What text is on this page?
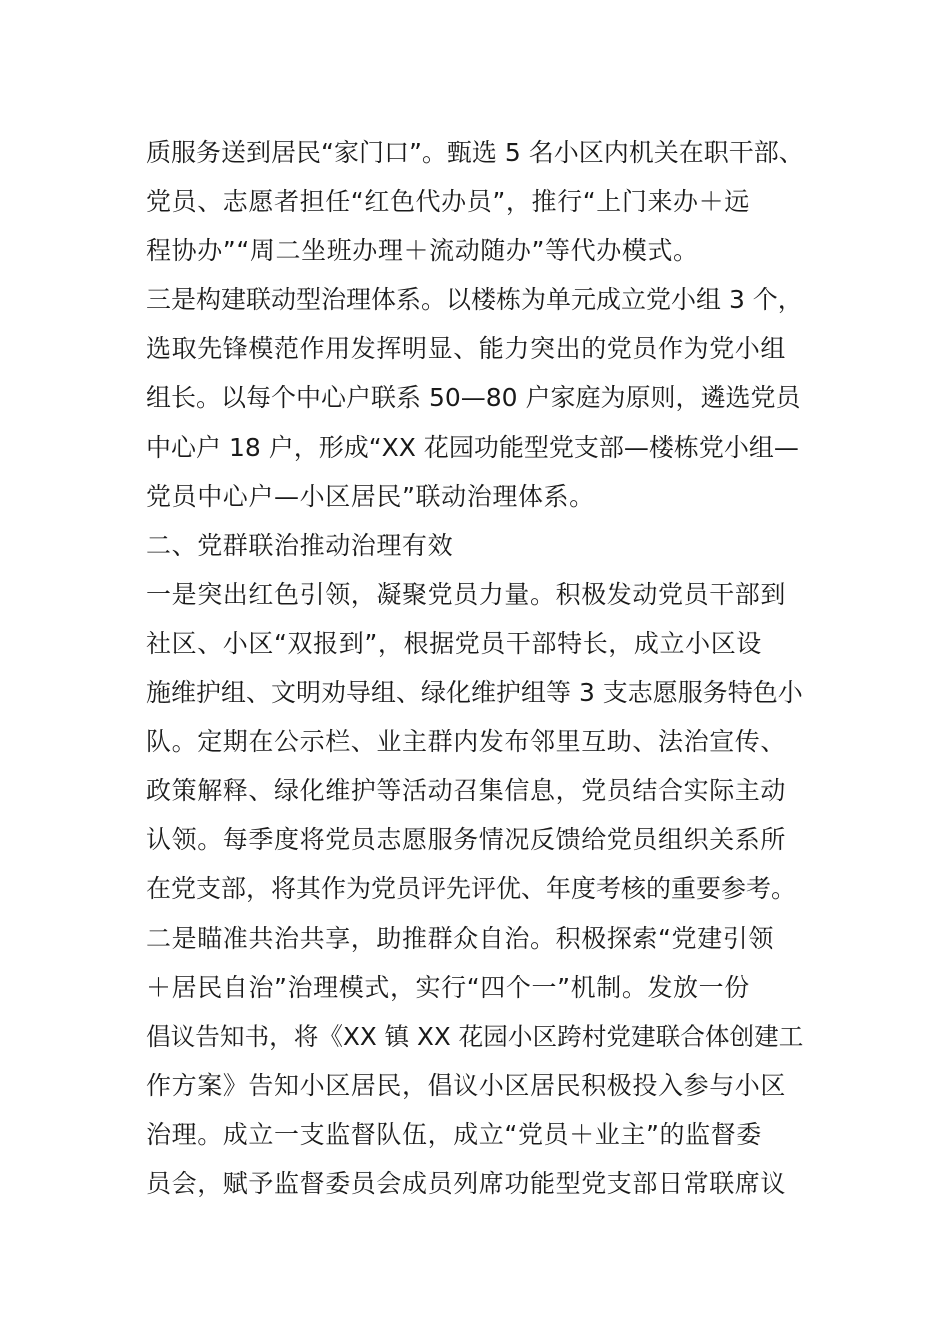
质服务送到居民“家门口”。甄选 5 名小区内机关在职干部、
党员、志愿者担任“红色代办员”，推行“上门来办＋远
程协办”“周二坐班办理＋流动随办”等代办模式。
三是构建联动型治理体系。以楼栋为单元成立党小组 3 个，
选取先锋模范作用发挥明显、能力突出的党员作为党小组
组长。以每个中心户联系 50—80 户家庭为原则，遴选党员
中心户 18 户，形成“XX 花园功能型党支部—楼栋党小组—
党员中心户—小区居民”联动治理体系。
二、党群联治推动治理有效
一是突出红色引领，凝聚党员力量。积极发动党员干部到
社区、小区“双报到”，根据党员干部特长，成立小区设
施维护组、文明劝导组、绿化维护组等 3 支志愿服务特色小
队。定期在公示栏、业主群内发布邻里互助、法治宣传、
政策解释、绿化维护等活动召集信息，党员结合实际主动
认领。每季度将党员志愿服务情况反馈给党员组织关系所
在党支部，将其作为党员评先评优、年度考核的重要参考。
二是瞄准共治共享，助推群众自治。积极探索“党建引领
＋居民自治”治理模式，实行“四个一”机制。发放一份
倡议告知书，将《XX 镇 XX 花园小区跨村党建联合体创建工
作方案》告知小区居民，倡议小区居民积极投入参与小区
治理。成立一支监督队伍，成立“党员＋业主”的监督委
员会，赋予监督委员会成员列席功能型党支部日常联席议
